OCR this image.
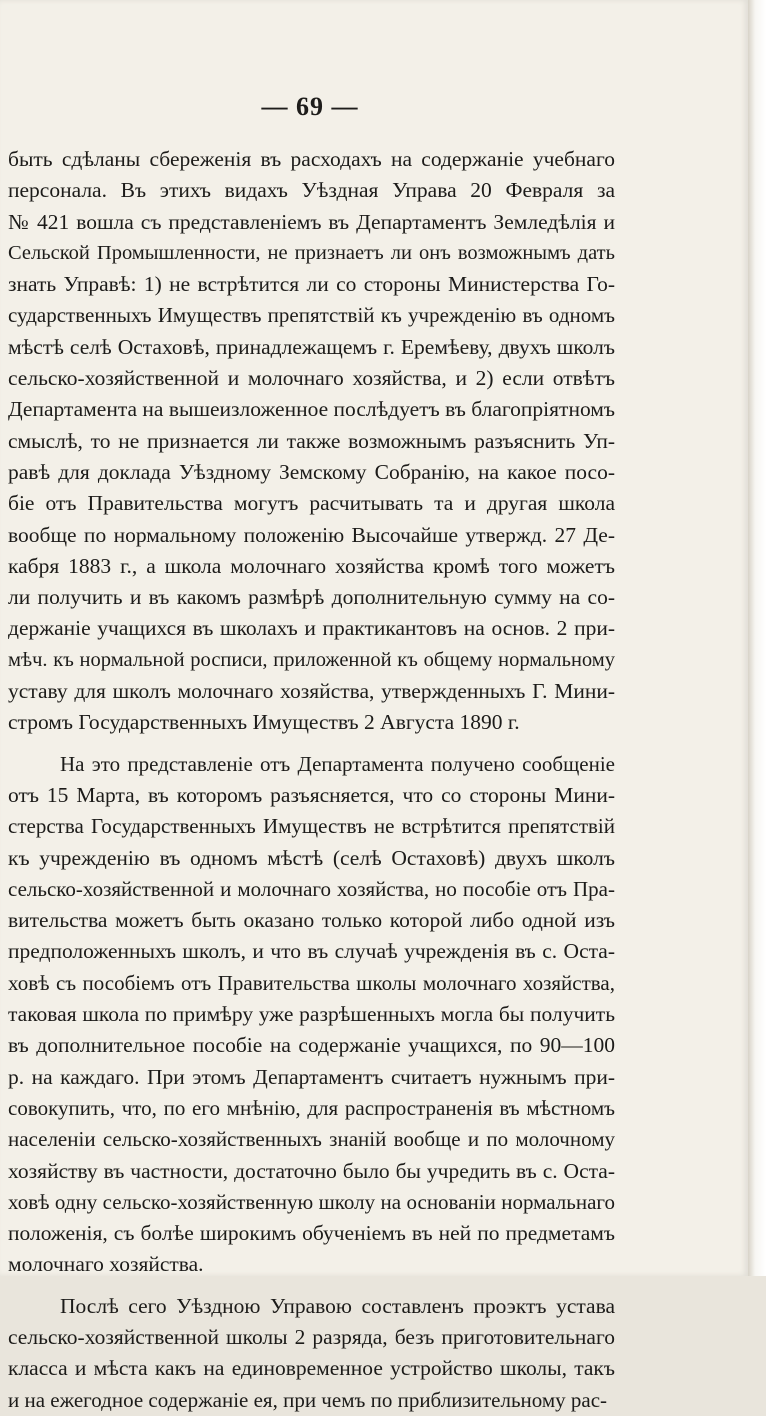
— 69 —

быть сдѣланы сбереженія въ расходахъ на содержаніе учебнаго
персонала. Въ этихъ видахъ Уѣздная Управа 20 Февраля за
№ 421 вошла съ представленіемъ въ Департаментъ Земледѣлія и
Сельской Промышленности, не признаетъ ли онъ возможнымъ дать
знать Управѣ: 1) не встрѣтится ли со стороны Министерства Го-
сударственныхъ Имуществъ препятствій къ учрежденію въ одномъ
мѣстѣ селѣ Остаховѣ, принадлежащемъ г. Еремѣеву, двухъ школъ
сельско-хозяйственной и молочнаго хозяйства, и 2) если отвѣтъ
Департамента на вышеизложенное послѣдуетъ въ благопріятномъ
смыслѣ, то не признается ли также возможнымъ разъяснить Уп-
равѣ для доклада Уѣздному Земскому Собранію, на какое посо-
біе отъ Правительства могутъ расчитывать та и другая школа
вообще по нормальному положенію Высочайше утвержд. 27 Де-
кабря 1883 г., а школа молочнаго хозяйства кромѣ того можетъ
ли получить и въ какомъ размѣрѣ дополнительную сумму на со-
держаніе учащихся въ школахъ и практикантовъ на основ. 2 при-
мѣч. къ нормальной росписи, приложенной къ общему нормальному
уставу для школъ молочнаго хозяйства, утвержденныхъ Г. Мини-
стромъ Государственныхъ Имуществъ 2 Августа 1890 г.

На это представленіе отъ Департамента получено сообщеніе
отъ 15 Марта, въ которомъ разъясняется, что со стороны Мини-
стерства Государственныхъ Имуществъ не встрѣтится препятствій
къ учрежденію въ одномъ мѣстѣ (селѣ Остаховѣ) двухъ школъ
сельско-хозяйственной и молочнаго хозяйства, но пособіе отъ Пра-
вительства можетъ быть оказано только которой либо одной изъ
предположенныхъ школъ, и что въ случаѣ учрежденія въ с. Оста-
ховѣ съ пособіемъ отъ Правительства школы молочнаго хозяйства,
таковая школа по примѣру уже разрѣшенныхъ могла бы получить
въ дополнительное пособіе на содержаніе учащихся, по 90—100
р. на каждаго. При этомъ Департаментъ считаетъ нужнымъ при-
совокупить, что, по его мнѣнію, для распространенія въ мѣстномъ
населеніи сельско-хозяйственныхъ знаній вообще и по молочному
хозяйству въ частности, достаточно было бы учредить въ с. Оста-
ховѣ одну сельско-хозяйственную школу на основаніи нормальнаго
положенія, съ болѣе широкимъ обученіемъ въ ней по предметамъ
молочнаго хозяйства.

Послѣ сего Уѣздною Управою составленъ проэктъ устава
сельско-хозяйственной школы 2 разряда, безъ приготовительнаго
класса и мѣста какъ на единовременное устройство школы, такъ
и на ежегодное содержаніе ея, при чемъ по приблизительному рас-
